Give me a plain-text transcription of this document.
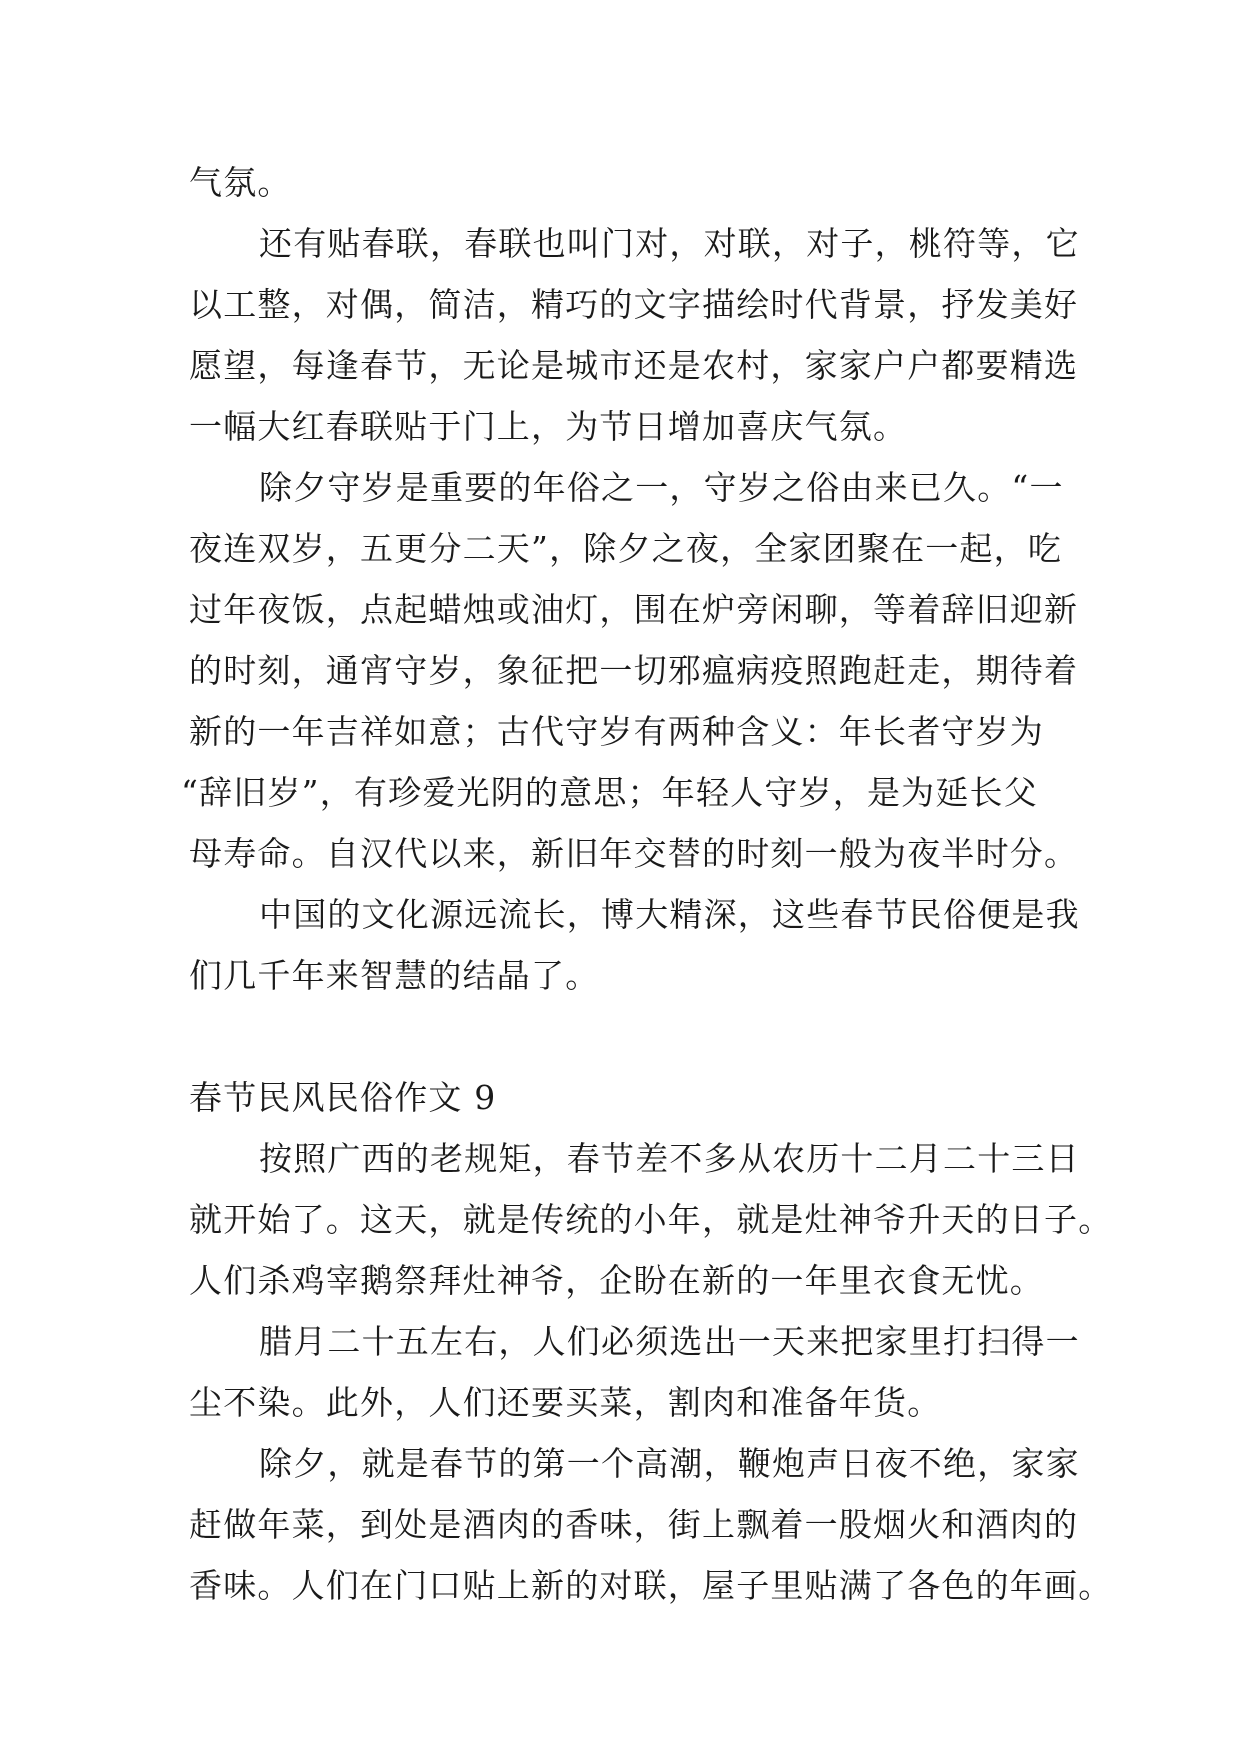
气氛。
还有贴春联，春联也叫门对，对联，对子，桃符等，它
以工整，对偶，简洁，精巧的文字描绘时代背景，抒发美好
愿望，每逢春节，无论是城市还是农村，家家户户都要精选
一幅大红春联贴于门上，为节日增加喜庆气氛。
除夕守岁是重要的年俗之一，守岁之俗由来已久。“一
夜连双岁，五更分二天”，除夕之夜，全家团聚在一起，吃
过年夜饭，点起蜡烛或油灯，围在炉旁闲聊，等着辞旧迎新
的时刻，通宵守岁，象征把一切邪瘟病疫照跑赶走，期待着
新的一年吉祥如意；古代守岁有两种含义：年长者守岁为
“辞旧岁”，有珍爱光阴的意思；年轻人守岁，是为延长父
母寿命。自汉代以来，新旧年交替的时刻一般为夜半时分。
中国的文化源远流长，博大精深，这些春节民俗便是我
们几千年来智慧的结晶了。
春节民风民俗作文 9
按照广西的老规矩，春节差不多从农历十二月二十三日
就开始了。这天，就是传统的小年，就是灶神爷升天的日子。
人们杀鸡宰鹅祭拜灶神爷，企盼在新的一年里衣食无忧。
腊月二十五左右，人们必须选出一天来把家里打扫得一
尘不染。此外，人们还要买菜，割肉和准备年货。
除夕，就是春节的第一个高潮，鞭炮声日夜不绝，家家
赶做年菜，到处是酒肉的香味，街上飘着一股烟火和酒肉的
香味。人们在门口贴上新的对联，屋子里贴满了各色的年画。
